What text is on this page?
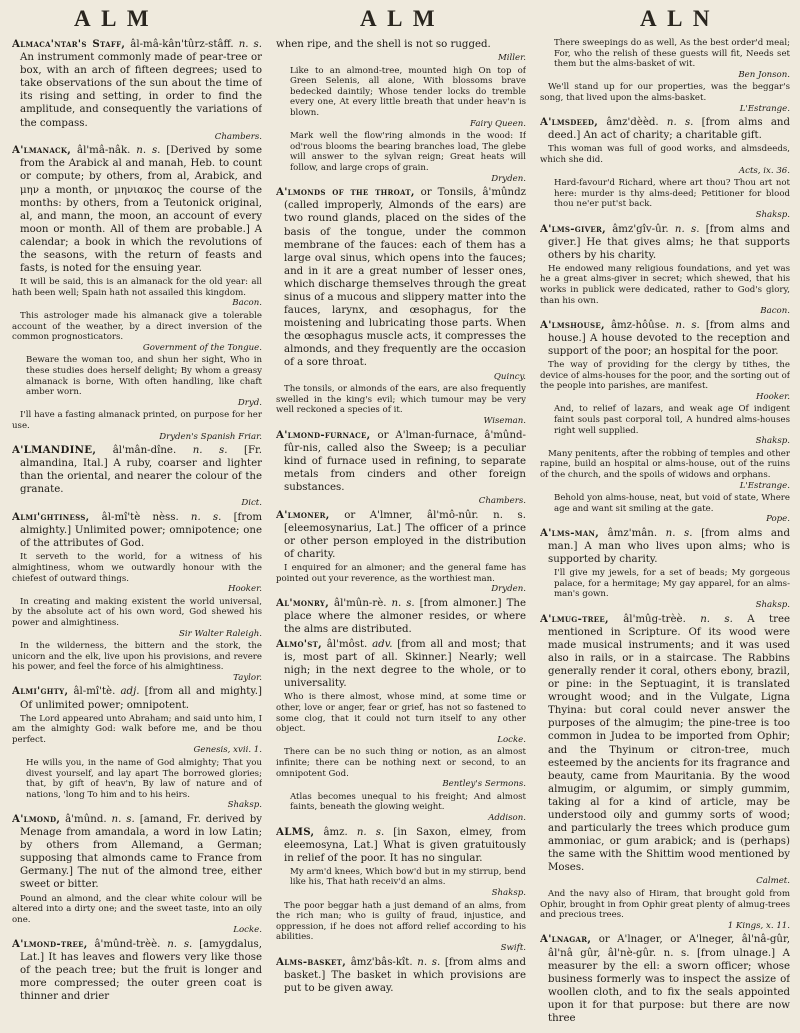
A L M	A L M	A L N

Almaca'ntar's Staff, âl-mâ-kân'tûrz-stâff. n. s. An instrument commonly made of pear-tree or box, with an arch of fifteen degrees; used to take observations of the sun about the time of its rising and setting, in order to find the amplitude, and consequently the variations of the compass.

Chambers.

A'lmanack, âl'mâ-nâk. n. s. [Derived by some from the Arabick al and manah, Heb. to count or compute; by others, from al, Arabick, and μην a month, or μηνιακος the course of the months: by others, from a Teutonick original, al, and mann, the moon, an account of every moon or month. All of them are probable.] A calendar; a book in which the revolutions of the seasons, with the return of feasts and fasts, is noted for the ensuing year.

It will be said, this is an almanack for the old year: all hath been well; Spain hath not assailed this kingdom.

Bacon.

This astrologer made his almanack give a tolerable account of the weather, by a direct inversion of the common prognosticators.

Government of the Tongue.

Beware the woman too, and shun her sight, Who in these studies does herself delight; By whom a greasy almanack is borne, With often handling, like chaft amber worn.

Dryd.

I'll have a fasting almanack printed, on purpose for her use.

Dryden's Spanish Friar.

A'LMANDINE, âl'mân-dîne. n. s. [Fr. almandina, Ital.] A ruby, coarser and lighter than the oriental, and nearer the colour of the granate.

Dict.

Almi'ghtiness, âl-mî'tè nèss. n. s. [from almighty.] Unlimited power; omnipotence; one of the attributes of God.

It serveth to the world, for a witness of his almightiness, whom we outwardly honour with the chiefest of outward things.

Hooker.

In creating and making existent the world universal, by the absolute act of his own word, God shewed his power and almightiness.

Sir Walter Raleigh.

In the wilderness, the bittern and the stork, the unicorn and the elk, live upon his provisions, and revere his power, and feel the force of his almightiness.

Taylor.

Almi'ghty, âl-mî'tè. adj. [from all and mighty.] Of unlimited power; omnipotent.

The Lord appeared unto Abraham; and said unto him, I am the almighty God: walk before me, and be thou perfect.

Genesis, xvii. 1.

He wills you, in the name of God almighty; That you divest yourself, and lay apart The borrowed glories; that, by gift of heav'n, By law of nature and of nations, 'long To him and to his heirs.

Shaksp.

A'lmond, â'mûnd. n. s. [amand, Fr. derived by Menage from amandala, a word in low Latin; by others from Allemand, a German; supposing that almonds came to France from Germany.] The nut of the almond tree, either sweet or bitter.

Pound an almond, and the clear white colour will be altered into a dirty one; and the sweet taste, into an oily one.

Locke.

A'lmond-tree, â'mûnd-trèè. n. s. [amygdalus, Lat.] It has leaves and flowers very like those of the peach tree; but the fruit is longer and more compressed; the outer green coat is thinner and drier

when ripe, and the shell is not so rugged.

Miller.

Like to an almond-tree, mounted high On top of Green Selenis, all alone, With blossoms brave bedecked daintily; Whose tender locks do tremble every one, At every little breath that under heav'n is blown.

Fairy Queen.

Mark well the flow'ring almonds in the wood: If od'rous blooms the bearing branches load, The glebe will answer to the sylvan reign; Great heats will follow, and large crops of grain.

Dryden.

A'lmonds of the throat, or Tonsils, â'mûndz (called improperly, Almonds of the ears) are two round glands, placed on the sides of the basis of the tongue, under the common membrane of the fauces: each of them has a large oval sinus, which opens into the fauces; and in it are a great number of lesser ones, which discharge themselves through the great sinus of a mucous and slippery matter into the fauces, larynx, and œsophagus, for the moistening and lubricating those parts. When the œsophagus muscle acts, it compresses the almonds, and they frequently are the occasion of a sore throat.

Quincy.

The tonsils, or almonds of the ears, are also frequently swelled in the king's evil; which tumour may be very well reckoned a species of it.

Wiseman.

A'lmond-furnace, or A'lman-furnace, â'mûnd-fûr-nis, called also the Sweep; is a peculiar kind of furnace used in refining, to separate metals from cinders and other foreign substances.

Chambers.

A'lmoner, or A'lmner, âl'mô-nûr. n. s. [eleemosynarius, Lat.] The officer of a prince or other person employed in the distribution of charity.

I enquired for an almoner; and the general fame has pointed out your reverence, as the worthiest man.

Dryden.

Al'monry, âl'mûn-rè. n. s. [from almoner.] The place where the almoner resides, or where the alms are distributed.

Almo'st, âl'môst. adv. [from all and most; that is, most part of all. Skinner.] Nearly; well nigh; in the next degree to the whole, or to universality.

Who is there almost, whose mind, at some time or other, love or anger, fear or grief, has not so fastened to some clog, that it could not turn itself to any other object.

Locke.

There can be no such thing or notion, as an almost infinite; there can be nothing next or second, to an omnipotent God.

Bentley's Sermons.

Atlas becomes unequal to his freight; And almost faints, beneath the glowing weight.

Addison.

ALMS, âmz. n. s. [in Saxon, elmey, from eleemosyna, Lat.] What is given gratuitously in relief of the poor. It has no singular.

My arm'd knees, Which bow'd but in my stirrup, bend like his, That hath receiv'd an alms.

Shaksp.

The poor beggar hath a just demand of an alms, from the rich man; who is guilty of fraud, injustice, and oppression, if he does not afford relief according to his abilities.

Swift.

Alms-basket, âmz'bâs-kît. n. s. [from alms and basket.] The basket in which provisions are put to be given away.

There sweepings do as well, As the best order'd meal; For, who the relish of these guests will fit, Needs set them but the alms-basket of wit.

Ben Jonson.

We'll stand up for our properties, was the beggar's song, that lived upon the alms-basket.

L'Estrange.

A'lmsdeed, âmz'dèèd. n. s. [from alms and deed.] An act of charity; a charitable gift.

This woman was full of good works, and almsdeeds, which she did.

Acts, ix. 36.

Hard-favour'd Richard, where art thou? Thou art not here: murder is thy alms-deed; Petitioner for blood thou ne'er put'st back.

Shaksp.

A'lms-giver, âmz'gîv-ûr. n. s. [from alms and giver.] He that gives alms; he that supports others by his charity.

He endowed many religious foundations, and yet was he a great alms-giver in secret; which shewed, that his works in publick were dedicated, rather to God's glory, than his own.

Bacon.

A'lmshouse, âmz-hôûse. n. s. [from alms and house.] A house devoted to the reception and support of the poor; an hospital for the poor.

The way of providing for the clergy by tithes, the device of alms-houses for the poor, and the sorting out of the people into parishes, are manifest.

Hooker.

And, to relief of lazars, and weak age Of indigent faint souls past corporal toil, A hundred alms-houses right well supplied.

Shaksp.

Many penitents, after the robbing of temples and other rapine, build an hospital or alms-house, out of the ruins of the church, and the spoils of widows and orphans.

L'Estrange.

Behold yon alms-house, neat, but void of state, Where age and want sit smiling at the gate.

Pope.

A'lms-man, âmz'mân. n. s. [from alms and man.] A man who lives upon alms; who is supported by charity.

I'll give my jewels, for a set of beads; My gorgeous palace, for a hermitage; My gay apparel, for an alms-man's gown.

Shaksp.

A'lmug-tree, âl'mûg-trèè. n. s. A tree mentioned in Scripture. Of its wood were made musical instruments; and it was used also in rails, or in a staircase. The Rabbins generally render it coral, others ebony, brazil, or pine: in the Septuagint, it is translated wrought wood; and in the Vulgate, Ligna Thyina: but coral could never answer the purposes of the almugim; the pine-tree is too common in Judea to be imported from Ophir; and the Thyinum or citron-tree, much esteemed by the ancients for its fragrance and beauty, came from Mauritania. By the wood almugim, or algumim, or simply gummim, taking al for a kind of article, may be understood oily and gummy sorts of wood; and particularly the trees which produce gum ammoniac, or gum arabick; and is (perhaps) the same with the Shittim wood mentioned by Moses.

Calmet.

And the navy also of Hiram, that brought gold from Ophir, brought in from Ophir great plenty of almug-trees and precious trees.

1 Kings, x. 11.

A'lnagar, or A'lnager, or A'lneger, âl'nâ-gûr, âl'nâ gûr, âl'nè-gûr. n. s. [from ulnage.] A measurer by the ell: a sworn officer; whose business formerly was to inspect the assize of woollen cloth, and to fix the seals appointed upon it for that purpose: but there are now three
